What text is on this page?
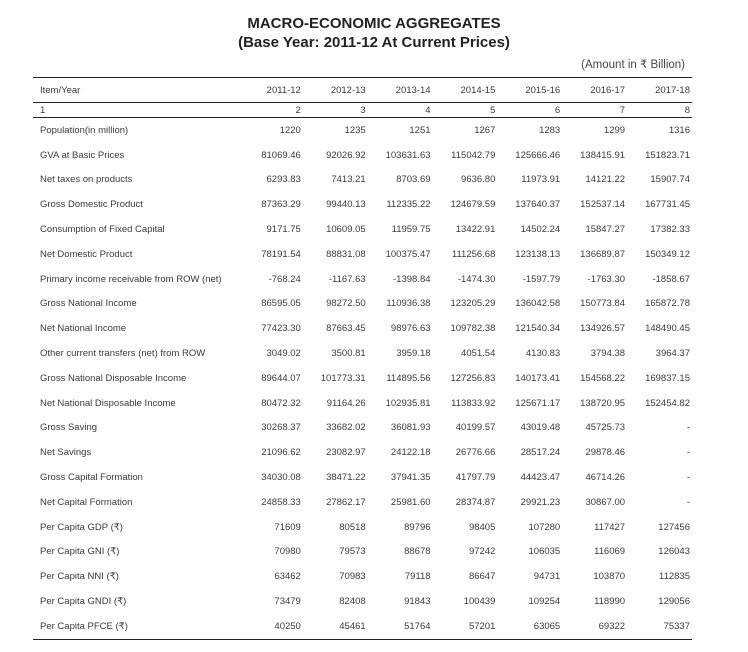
MACRO-ECONOMIC AGGREGATES
(Base Year: 2011-12 At Current Prices)
(Amount in ₹ Billion)
Item/Year	2011-12	2012-13	2013-14	2014-15	2015-16	2016-17	2017-18
1	2	3	4	5	6	7	8
Population(in million)	1220	1235	1251	1267	1283	1299	1316
GVA at Basic Prices	81069.46	92026.92	103631.63	115042.79	125666.46	138415.91	151823.71
Net taxes on products	6293.83	7413.21	8703.69	9636.80	11973.91	14121.22	15907.74
Gross Domestic Product	87363.29	99440.13	112335.22	124679.59	137640.37	152537.14	167731.45
Consumption of Fixed Capital	9171.75	10609.05	11959.75	13422.91	14502.24	15847.27	17382.33
Net Domestic Product	78191.54	88831.08	100375.47	111256.68	123138.13	136689.87	150349.12
Primary income receivable from ROW (net)	-768.24	-1167.63	-1398.84	-1474.30	-1597.79	-1763.30	-1858.67
Gross National Income	86595.05	98272.50	110936.38	123205.29	136042.58	150773.84	165872.78
Net National Income	77423.30	87663.45	98976.63	109782.38	121540.34	134926.57	148490.45
Other current transfers (net) from ROW	3049.02	3500.81	3959.18	4051.54	4130.83	3794.38	3964.37
Gross National Disposable Income	89644.07	101773.31	114895.56	127256.83	140173.41	154568.22	169837.15
Net National Disposable Income	80472.32	91164.26	102935.81	113833.92	125671.17	138720.95	152454.82
Gross Saving	30268.37	33682.02	36081.93	40199.57	43019.48	45725.73	-
Net Savings	21096.62	23082.97	24122.18	26776.66	28517.24	29878.46	-
Gross Capital Formation	34030.08	38471.22	37941.35	41797.79	44423.47	46714.26	-
Net Capital Formation	24858.33	27862.17	25981.60	28374.87	29921.23	30867.00	-
Per Capita GDP (₹)	71609	80518	89796	98405	107280	117427	127456
Per Capita GNI (₹)	70980	79573	88678	97242	106035	116069	126043
Per Capita NNI (₹)	63462	70983	79118	86647	94731	103870	112835
Per Capita GNDI (₹)	73479	82408	91843	100439	109254	118990	129056
Per Capita PFCE (₹)	40250	45461	51764	57201	63065	69322	75337
